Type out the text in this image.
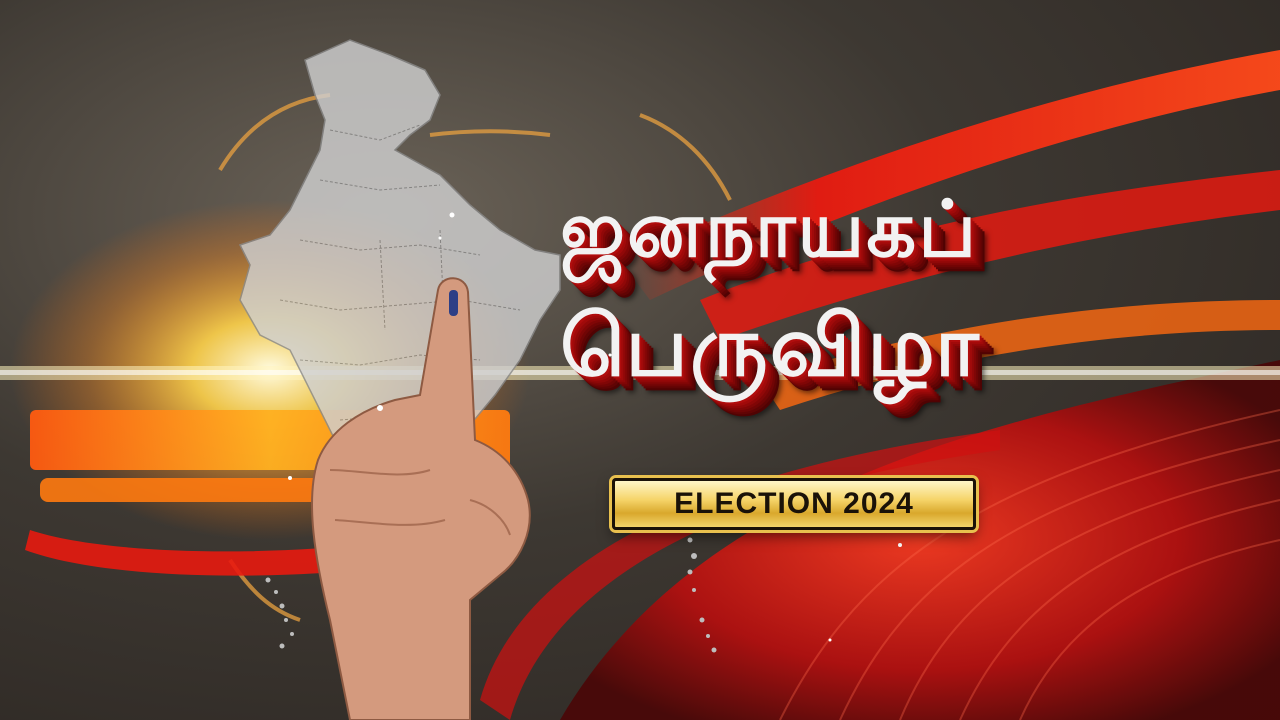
ஜனநாயகப்
பெருவிழா
ELECTION 2024
